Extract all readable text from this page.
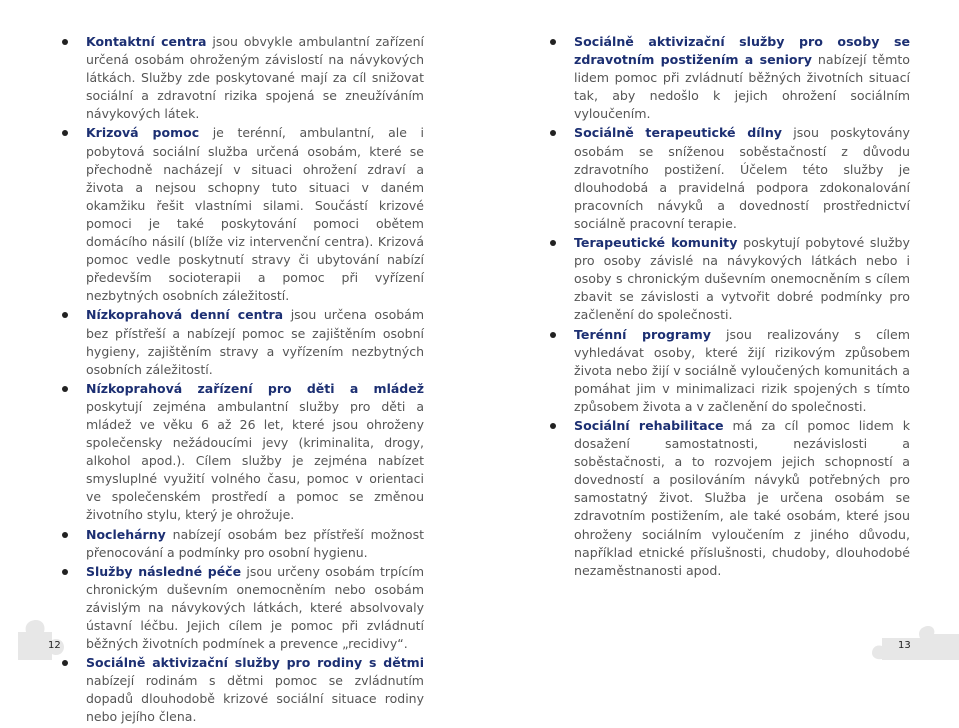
Kontaktní centra jsou obvykle ambulantní zařízení určená osobám ohroženým závislostí na návykových látkách. Služby zde poskytované mají za cíl snižovat sociální a zdravotní rizika spojená se zneužíváním návykových látek.
Krizová pomoc je terénní, ambulantní, ale i pobytová sociální služba určená osobám, které se přechodně nacházejí v situaci ohrožení zdraví a života a nejsou schopny tuto situaci v daném okamžiku řešit vlastními silami. Součástí krizové pomoci je také poskytování pomoci obětem domácího násilí (blíže viz intervenční centra). Krizová pomoc vedle poskytnutí stravy či ubytování nabízí především socioterapii a pomoc při vyřízení nezbytných osobních záležitostí.
Nízkoprahová denní centra jsou určena osobám bez přístřeší a nabízejí pomoc se zajištěním osobní hygieny, zajištěním stravy a vyřízením nezbytných osobních záležitostí.
Nízkoprahová zařízení pro děti a mládež poskytují zejména ambulantní služby pro děti a mládež ve věku 6 až 26 let, které jsou ohroženy společensky nežádoucími jevy (kriminalita, drogy, alkohol apod.). Cílem služby je zejména nabízet smysluplné využití volného času, pomoc v orientaci ve společenském prostředí a pomoc se změnou životního stylu, který je ohrožuje.
Noclehárny nabízejí osobám bez přístřeší možnost přenocování a podmínky pro osobní hygienu.
Služby následné péče jsou určeny osobám trpícím chronickým duševním onemocněním nebo osobám závislým na návykových látkách, které absolvovaly ústavní léčbu. Jejich cílem je pomoc při zvládnutí běžných životních podmínek a prevence „recidivy“.
Sociálně aktivizační služby pro rodiny s dětmi nabízejí rodinám s dětmi pomoc se zvládnutím dopadů dlouhodobě krizové sociální situace rodiny nebo jejího člena.
Sociálně aktivizační služby pro osoby se zdravotním postižením a seniory nabízejí těmto lidem pomoc při zvládnutí běžných životních situací tak, aby nedošlo k jejich ohrožení sociálním vyloučením.
Sociálně terapeutické dílny jsou poskytovány osobám se sníženou soběstačností z důvodu zdravotního postižení. Účelem této služby je dlouhodobá a pravidelná podpora zdokonalování pracovních návyků a dovedností prostřednictví sociálně pracovní terapie.
Terapeutické komunity poskytují pobytové služby pro osoby závislé na návykových látkách nebo i osoby s chronickým duševním onemocněním s cílem zbavit se závislosti a vytvořit dobré podmínky pro začlenění do společnosti.
Terénní programy jsou realizovány s cílem vyhledávat osoby, které žijí rizikovým způsobem života nebo žijí v sociálně vyloučených komunitách a pomáhat jim v minimalizaci rizik spojených s tímto způsobem života a v začlenění do společnosti.
Sociální rehabilitace má za cíl pomoc lidem k dosažení samostatnosti, nezávislosti a soběstačnosti, a to rozvojem jejich schopností a dovedností a posilováním návyků potřebných pro samostatný život. Služba je určena osobám se zdravotním postižením, ale také osobám, které jsou ohroženy sociálním vyloučením z jiného důvodu, například etnické příslušnosti, chudoby, dlouhodobé nezaměstnanosti apod.
12	13
